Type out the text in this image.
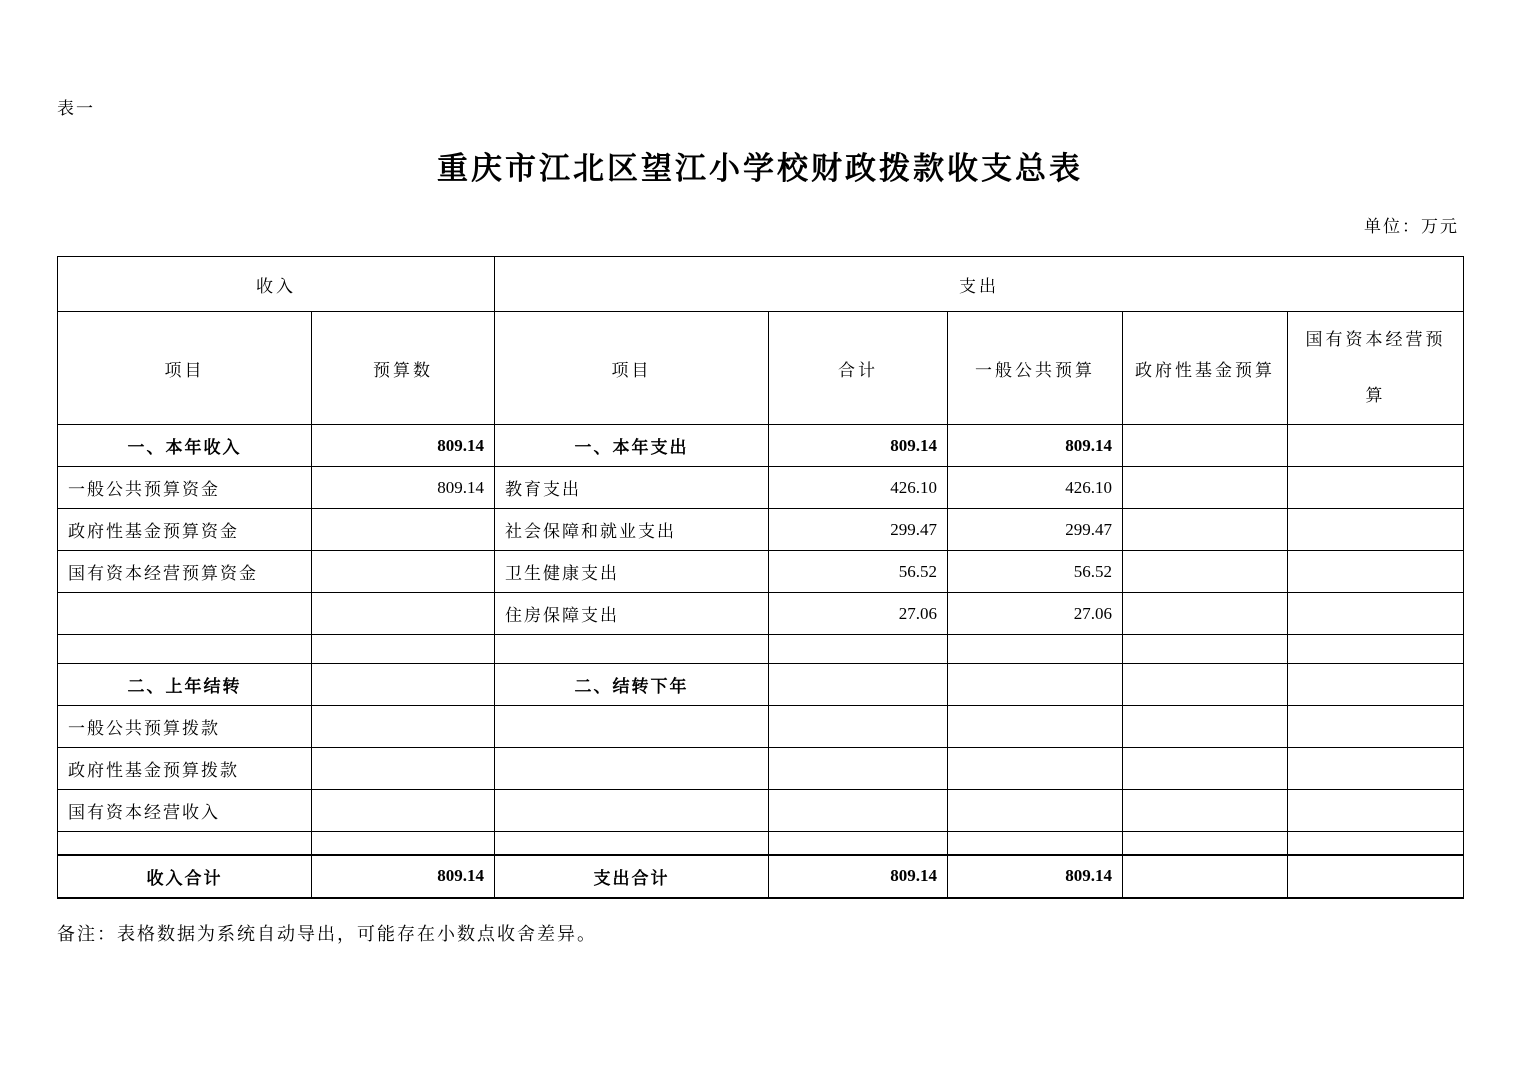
表一
重庆市江北区望江小学校财政拨款收支总表
单位：万元
收入		支出				
项目	预算数	项目	合计	一般公共预算	政府性基金预算	国有资本经营预算
一、本年收入	809.14	一、本年支出	809.14	809.14		
一般公共预算资金	809.14	教育支出	426.10	426.10		
政府性基金预算资金		社会保障和就业支出	299.47	299.47		
国有资本经营预算资金		卫生健康支出	56.52	56.52		
		住房保障支出	27.06	27.06		

二、上年结转		二、结转下年				
一般公共预算拨款						
政府性基金预算拨款						
国有资本经营收入						

收入合计	809.14	支出合计	809.14	809.14		
备注：表格数据为系统自动导出，可能存在小数点收舍差异。
